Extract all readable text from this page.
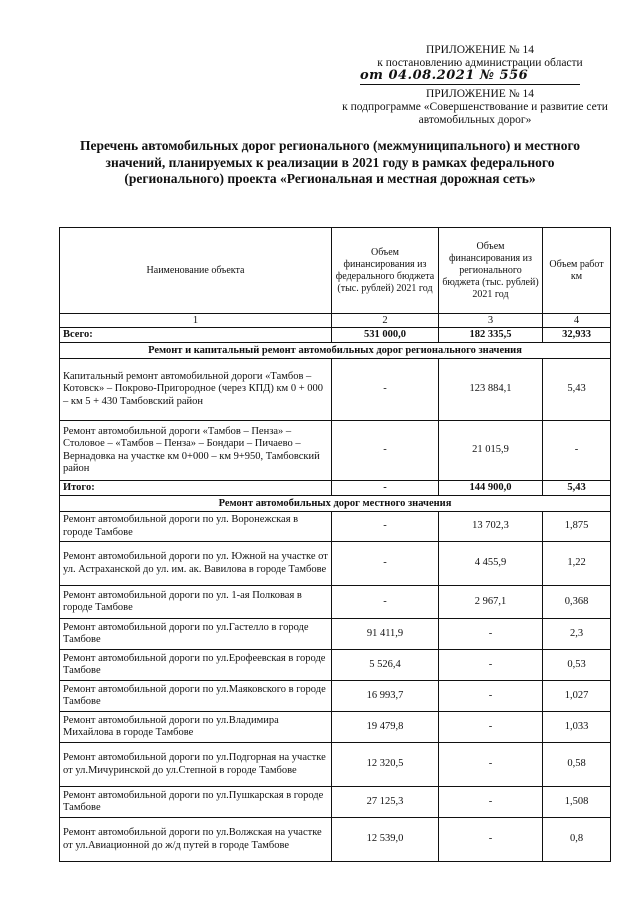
ПРИЛОЖЕНИЕ № 14
к постановлению администрации области
от 04.08.2021 № 556
ПРИЛОЖЕНИЕ № 14
к подпрограмме «Совершенствование и развитие сети автомобильных дорог»
Перечень автомобильных дорог регионального (межмуниципального) и местного значений, планируемых к реализации в 2021 году в рамках федерального (регионального) проекта «Региональная и местная дорожная сеть»
Наименование объекта	Объем финансирования из федерального бюджета (тыс. рублей) 2021 год	Объем финансирования из регионального бюджета (тыс. рублей) 2021 год	Объем работ км
1	2	3	4
Всего:	531 000,0	182 335,5	32,933
Ремонт и капитальный ремонт автомобильных дорог регионального значения			
Капитальный ремонт автомобильной дороги «Тамбов – Котовск» – Покрово-Пригородное (через КПД) км 0 + 000 – км 5 + 430 Тамбовский район	-	123 884,1	5,43
Ремонт автомобильной дороги «Тамбов – Пенза» – Столовое – «Тамбов – Пенза» – Бондари – Пичаево – Вернадовка на участке км 0+000 – км 9+950, Тамбовский район	-	21 015,9	-
Итого:	-	144 900,0	5,43
Ремонт автомобильных дорог местного значения			
Ремонт автомобильной дороги по ул. Воронежская в городе Тамбове	-	13 702,3	1,875
Ремонт автомобильной дороги по ул. Южной на участке от ул. Астраханской до ул. им. ак. Вавилова в городе Тамбове	-	4 455,9	1,22
Ремонт автомобильной дороги по ул. 1-ая Полковая в городе Тамбове	-	2 967,1	0,368
Ремонт автомобильной дороги по ул.Гастелло в городе Тамбове	91 411,9	-	2,3
Ремонт автомобильной дороги по ул.Ерофеевская в городе Тамбове	5 526,4	-	0,53
Ремонт автомобильной дороги по ул.Маяковского в городе Тамбове	16 993,7	-	1,027
Ремонт автомобильной дороги по ул.Владимира Михайлова в городе Тамбове	19 479,8	-	1,033
Ремонт автомобильной дороги по ул.Подгорная на участке от ул.Мичуринской до ул.Степной в городе Тамбове	12 320,5	-	0,58
Ремонт автомобильной дороги по ул.Пушкарская в городе Тамбове	27 125,3	-	1,508
Ремонт автомобильной дороги по ул.Волжская на участке от ул.Авиационной до ж/д путей в городе Тамбове	12 539,0	-	0,8
